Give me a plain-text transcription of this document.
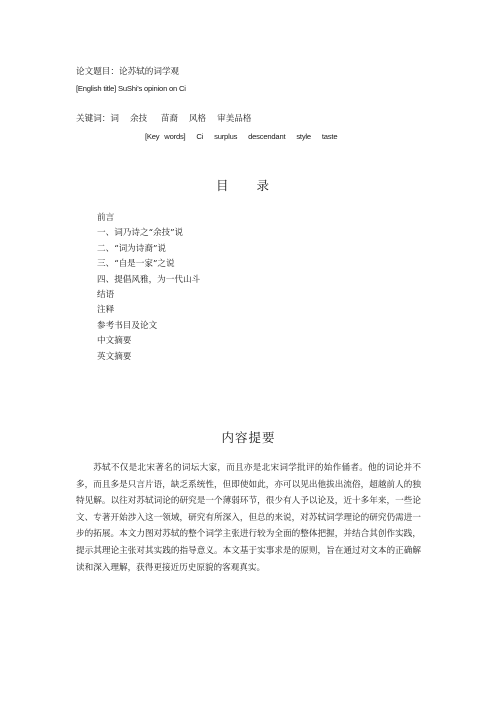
论文题目：论苏轼的词学观
[English title] SuShi's opinion on Ci
关键词：词 余技 苗裔 风格 审美品格
[Key words] Ci surplus descendant style taste
目 录
前言
一、词乃诗之“余技”说
二、“词为诗裔”说
三、“自是一家”之说
四、提倡风雅，为一代山斗
结语
注释
参考书目及论文
中文摘要
英文摘要
内容提要

苏轼不仅是北宋著名的词坛大家，而且亦是北宋词学批评的始作俑者。他的词论并不多，而且多是只言片语，缺乏系统性，但即使如此，亦可以见出他拔出流俗，超越前人的独特见解。以往对苏轼词论的研究是一个薄弱环节，很少有人予以论及，近十多年来，一些论文、专著开始涉入这一领域，研究有所深入，但总的来说，对苏轼词学理论的研究仍需进一步的拓展。本文力图对苏轼的整个词学主张进行较为全面的整体把握，并结合其创作实践，提示其理论主张对其实践的指导意义。本文基于实事求是的原则，旨在通过对文本的正确解读和深入理解，获得更接近历史原貌的客观真实。
